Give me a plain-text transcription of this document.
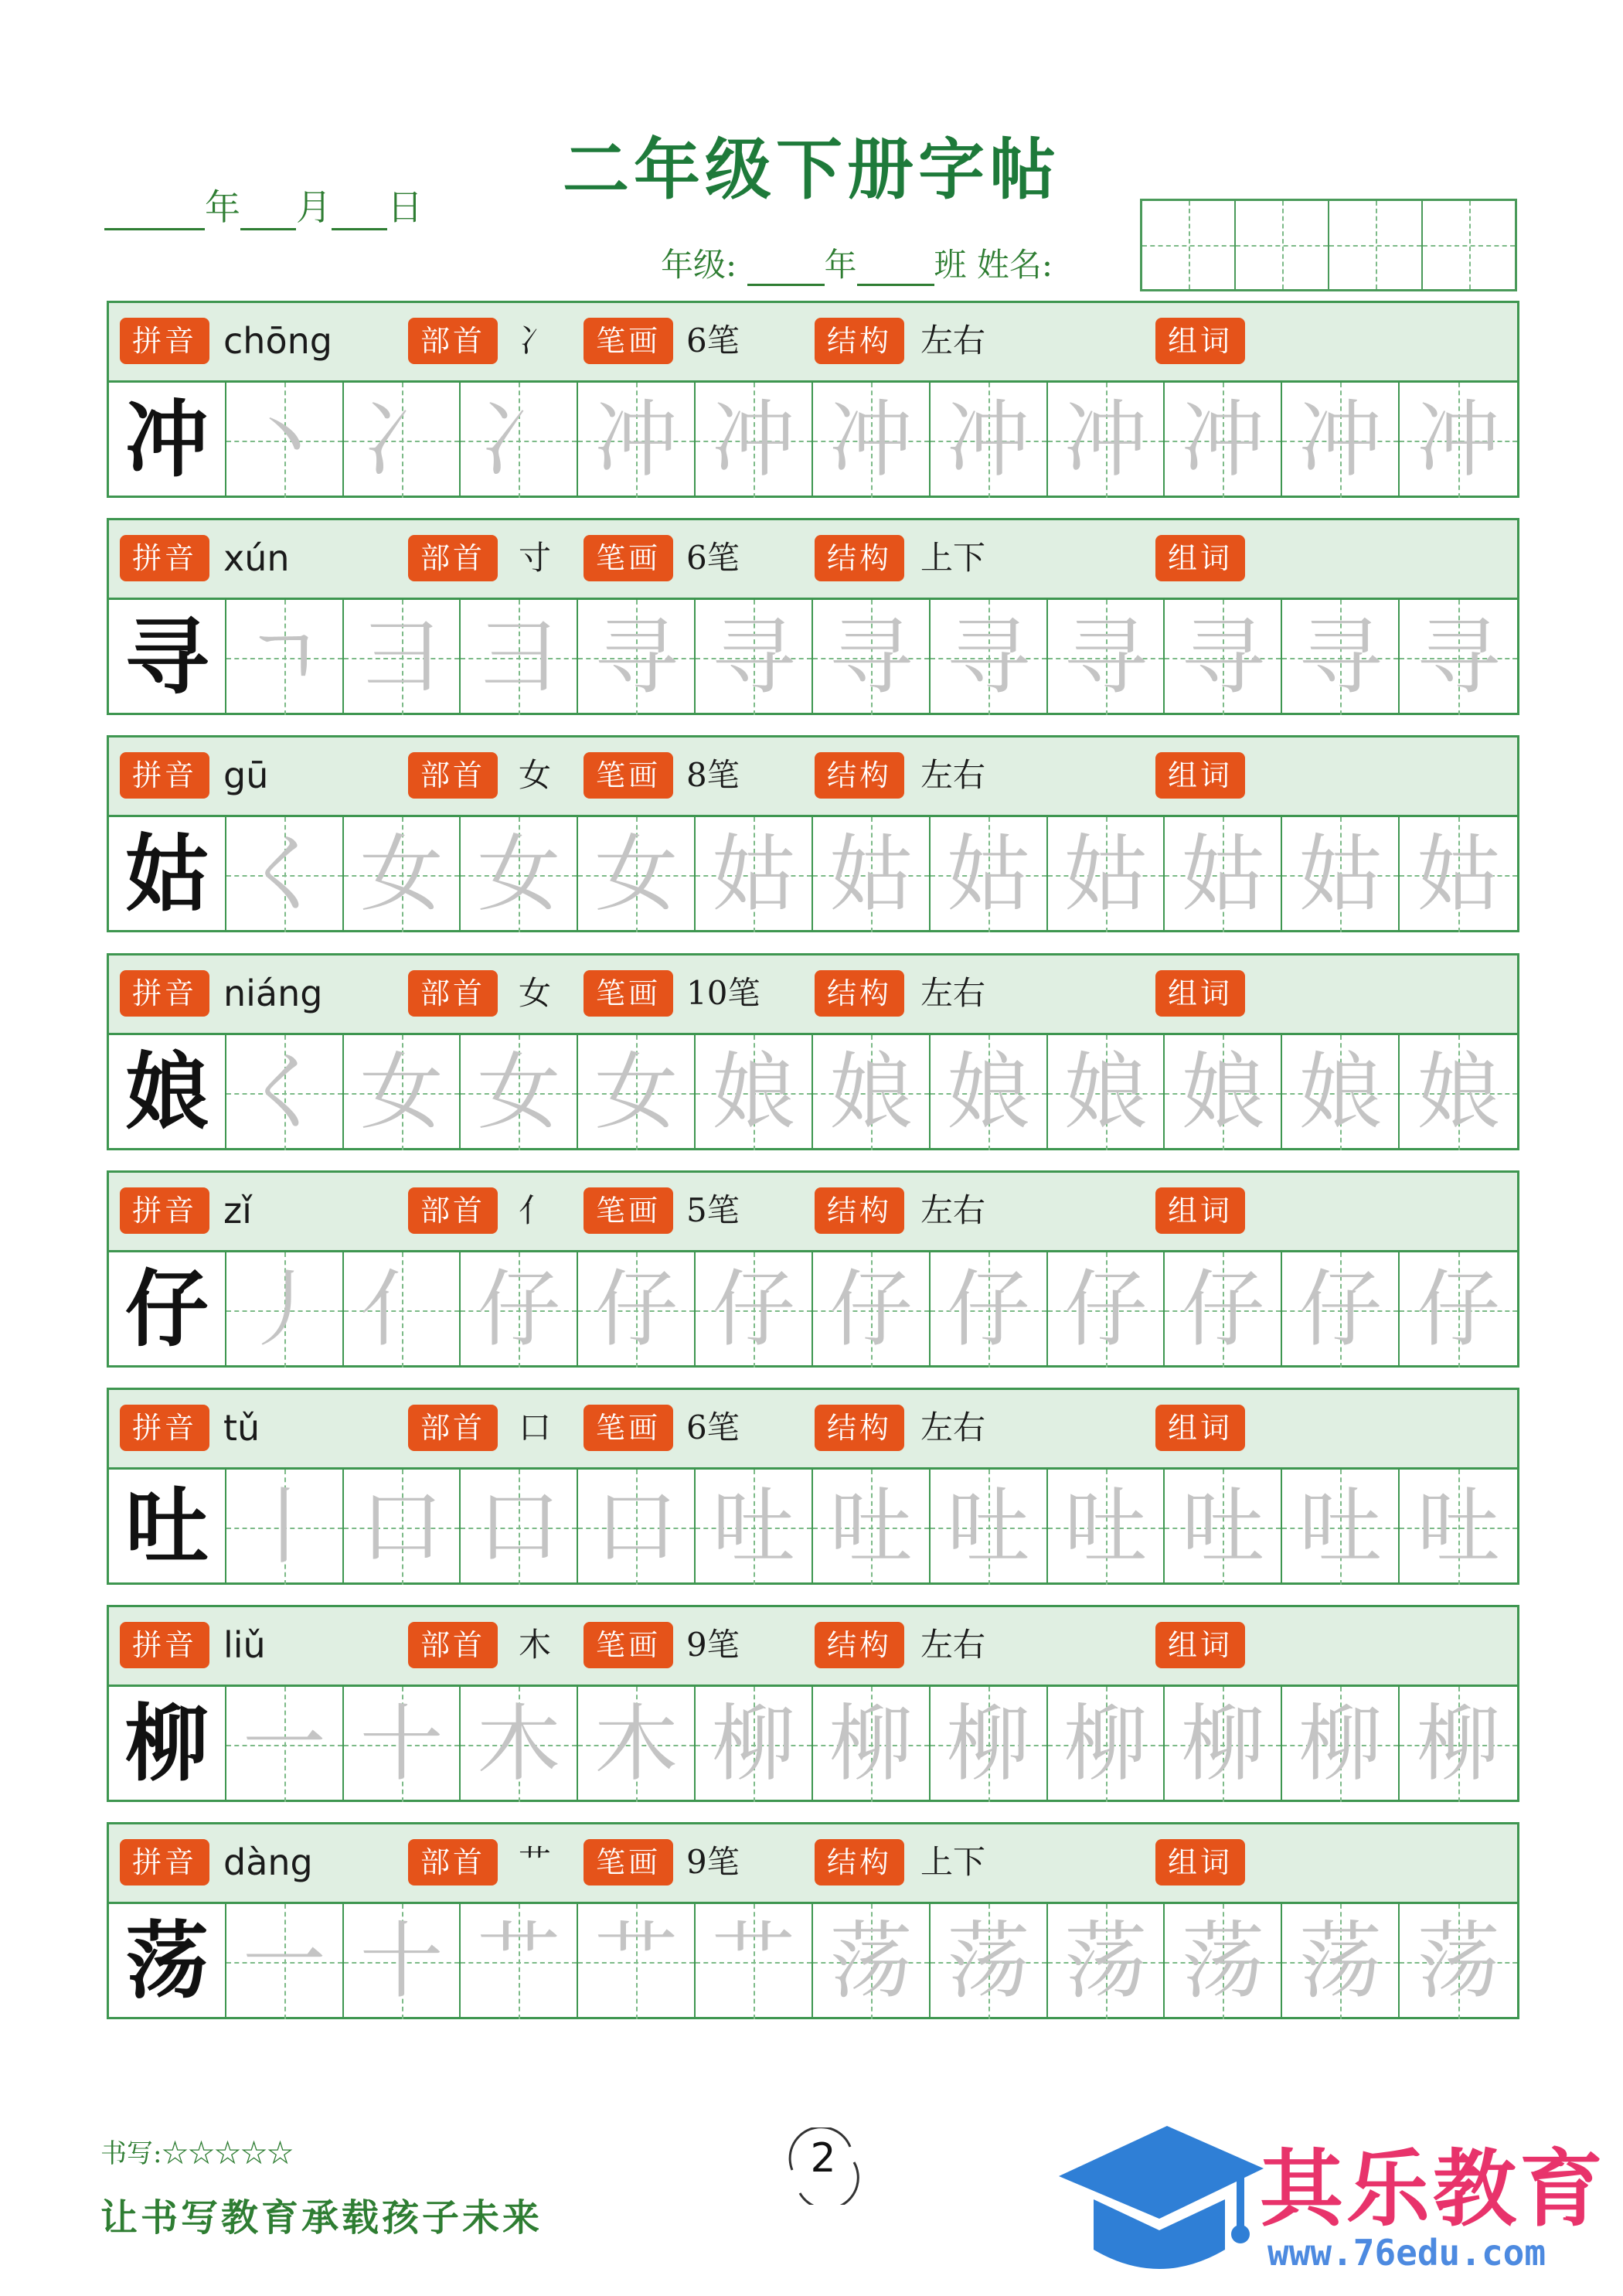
二年级下册字帖
年 月 日
年级:	年 班 姓名:
拼音 chōng	部首	冫	笔画 6笔	结构 左右	组词
冲 丶 冫 冫 冲 冲 冲 冲 冲 冲 冲 冲
拼音 xún	部首	寸	笔画 6笔	结构 上下	组词
寻 ㄱ 彐 彐 寻 寻 寻 寻 寻 寻 寻 寻
拼音 gū	部首	女	笔画 8笔	结构 左右	组词
姑 く 女 女 女 姑 姑 姑 姑 姑 姑 姑
拼音 niáng	部首	女	笔画 10笔	结构 左右	组词
娘 く 女 女 女 娘 娘 娘 娘 娘 娘 娘
拼音 zǐ	部首	亻	笔画 5笔	结构 左右	组词
仔 丿 亻 仔 仔 仔 仔 仔 仔 仔 仔 仔
拼音 tǔ	部首	口	笔画 6笔	结构 左右	组词
吐 丨 口 口 口 吐 吐 吐 吐 吐 吐 吐
拼音 liǔ	部首	木	笔画 9笔	结构 左右	组词
柳 一 十 木 木 柳 柳 柳 柳 柳 柳 柳
拼音 dàng	部首	艹	笔画 9笔	结构 上下	组词
荡 一 十 艹 艹 艹 荡 荡 荡 荡 荡 荡
书写:☆☆☆☆☆
让书写教育承载孩子未来
2	其乐教育
www.76edu.com
